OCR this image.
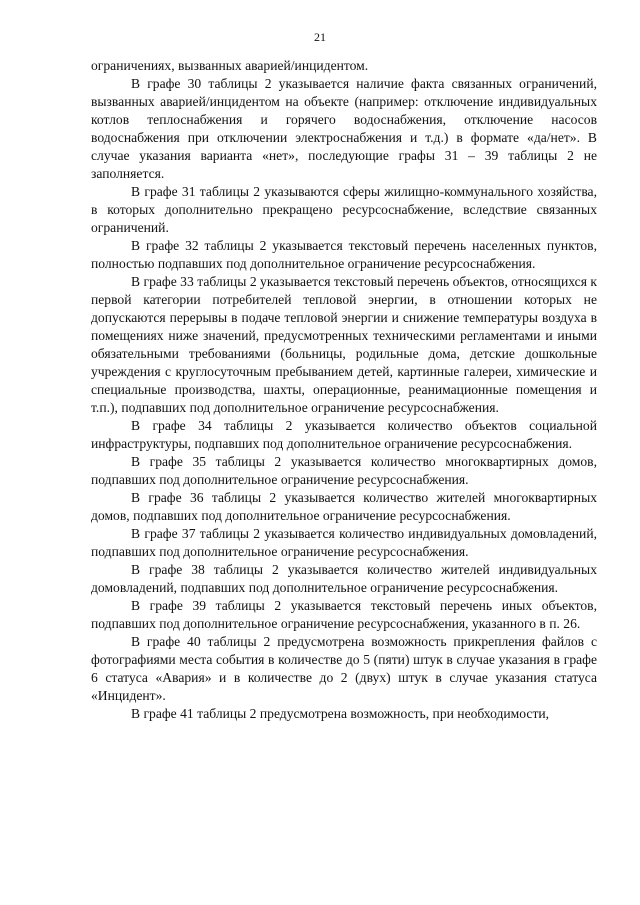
21

ограничениях, вызванных аварией/инцидентом.

В графе 30 таблицы 2 указывается наличие факта связанных ограничений, вызванных аварией/инцидентом на объекте (например: отключение индивидуальных котлов теплоснабжения и горячего водоснабжения, отключение насосов водоснабжения при отключении электроснабжения и т.д.) в формате «да/нет». В случае указания варианта «нет», последующие графы 31 – 39 таблицы 2 не заполняется.

В графе 31 таблицы 2 указываются сферы жилищно-коммунального хозяйства, в которых дополнительно прекращено ресурсоснабжение, вследствие связанных ограничений.

В графе 32 таблицы 2 указывается текстовый перечень населенных пунктов, полностью подпавших под дополнительное ограничение ресурсоснабжения.

В графе 33 таблицы 2 указывается текстовый перечень объектов, относящихся к первой категории потребителей тепловой энергии, в отношении которых не допускаются перерывы в подаче тепловой энергии и снижение температуры воздуха в помещениях ниже значений, предусмотренных техническими регламентами и иными обязательными требованиями (больницы, родильные дома, детские дошкольные учреждения с круглосуточным пребыванием детей, картинные галереи, химические и специальные производства, шахты, операционные, реанимационные помещения и т.п.), подпавших под дополнительное ограничение ресурсоснабжения.

В графе 34 таблицы 2 указывается количество объектов социальной инфраструктуры, подпавших под дополнительное ограничение ресурсоснабжения.

В графе 35 таблицы 2 указывается количество многоквартирных домов, подпавших под дополнительное ограничение ресурсоснабжения.

В графе 36 таблицы 2 указывается количество жителей многоквартирных домов, подпавших под дополнительное ограничение ресурсоснабжения.

В графе 37 таблицы 2 указывается количество индивидуальных домовладений, подпавших под дополнительное ограничение ресурсоснабжения.

В графе 38 таблицы 2 указывается количество жителей индивидуальных домовладений, подпавших под дополнительное ограничение ресурсоснабжения.

В графе 39 таблицы 2 указывается текстовый перечень иных объектов, подпавших под дополнительное ограничение ресурсоснабжения, указанного в п. 26.

В графе 40 таблицы 2 предусмотрена возможность прикрепления файлов с фотографиями места события в количестве до 5 (пяти) штук в случае указания в графе 6 статуса «Авария» и в количестве до 2 (двух) штук в случае указания статуса «Инцидент».

В графе 41 таблицы 2 предусмотрена возможность, при необходимости,
